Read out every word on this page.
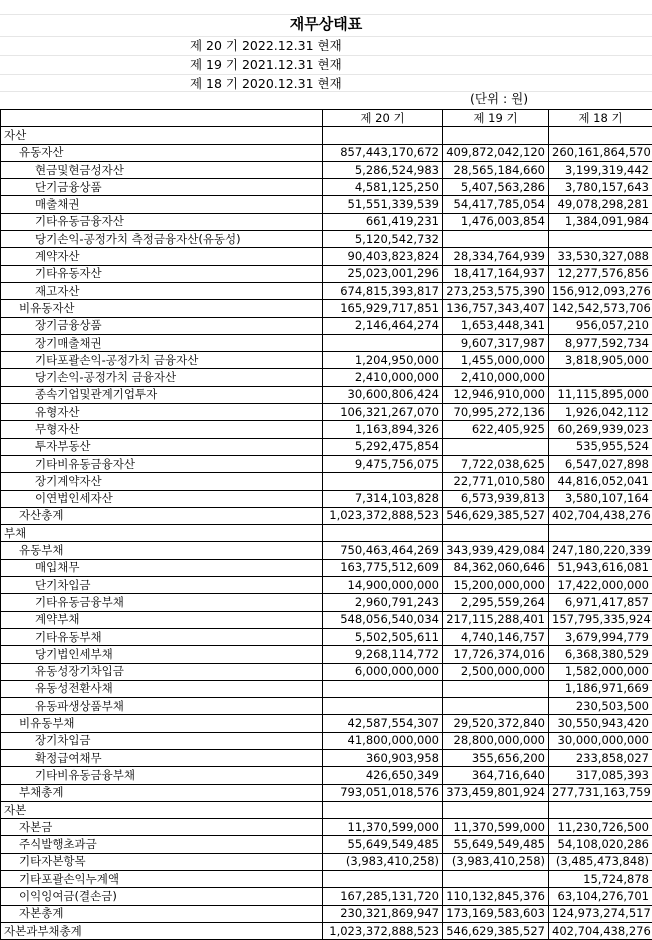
재무상태표
제 20 기 2022.12.31 현재
제 19 기 2021.12.31 현재
제 18 기 2020.12.31 현재
(단위 : 원)
	제 20 기	제 19 기	제 18 기
자산			
유동자산	857,443,170,672	409,872,042,120	260,161,864,570
현금및현금성자산	5,286,524,983	28,565,184,660	3,199,319,442
단기금융상품	4,581,125,250	5,407,563,286	3,780,157,643
매출채권	51,551,339,539	54,417,785,054	49,078,298,281
기타유동금융자산	661,419,231	1,476,003,854	1,384,091,984
당기손익-공정가치 측정금융자산(유동성)	5,120,542,732		
계약자산	90,403,823,824	28,334,764,939	33,530,327,088
기타유동자산	25,023,001,296	18,417,164,937	12,277,576,856
재고자산	674,815,393,817	273,253,575,390	156,912,093,276
비유동자산	165,929,717,851	136,757,343,407	142,542,573,706
장기금융상품	2,146,464,274	1,653,448,341	956,057,210
장기매출채권		9,607,317,987	8,977,592,734
기타포괄손익-공정가치 금융자산	1,204,950,000	1,455,000,000	3,818,905,000
당기손익-공정가치 금융자산	2,410,000,000	2,410,000,000	
종속기업및관계기업투자	30,600,806,424	12,946,910,000	11,115,895,000
유형자산	106,321,267,070	70,995,272,136	1,926,042,112
무형자산	1,163,894,326	622,405,925	60,269,939,023
투자부동산	5,292,475,854		535,955,524
기타비유동금융자산	9,475,756,075	7,722,038,625	6,547,027,898
장기계약자산		22,771,010,580	44,816,052,041
이연법인세자산	7,314,103,828	6,573,939,813	3,580,107,164
자산총계	1,023,372,888,523	546,629,385,527	402,704,438,276
부채			
유동부채	750,463,464,269	343,939,429,084	247,180,220,339
매입채무	163,775,512,609	84,362,060,646	51,943,616,081
단기차입금	14,900,000,000	15,200,000,000	17,422,000,000
기타유동금융부채	2,960,791,243	2,295,559,264	6,971,417,857
계약부채	548,056,540,034	217,115,288,401	157,795,335,924
기타유동부채	5,502,505,611	4,740,146,757	3,679,994,779
당기법인세부채	9,268,114,772	17,726,374,016	6,368,380,529
유동성장기차입금	6,000,000,000	2,500,000,000	1,582,000,000
유동성전환사채			1,186,971,669
유동파생상품부채			230,503,500
비유동부채	42,587,554,307	29,520,372,840	30,550,943,420
장기차입금	41,800,000,000	28,800,000,000	30,000,000,000
확정급여채무	360,903,958	355,656,200	233,858,027
기타비유동금융부채	426,650,349	364,716,640	317,085,393
부채총계	793,051,018,576	373,459,801,924	277,731,163,759
자본			
자본금	11,370,599,000	11,370,599,000	11,230,726,500
주식발행초과금	55,649,549,485	55,649,549,485	54,108,020,286
기타자본항목	(3,983,410,258)	(3,983,410,258)	(3,485,473,848)
기타포괄손익누계액			15,724,878
이익잉여금(결손금)	167,285,131,720	110,132,845,376	63,104,276,701
자본총계	230,321,869,947	173,169,583,603	124,973,274,517
자본과부채총계	1,023,372,888,523	546,629,385,527	402,704,438,276
